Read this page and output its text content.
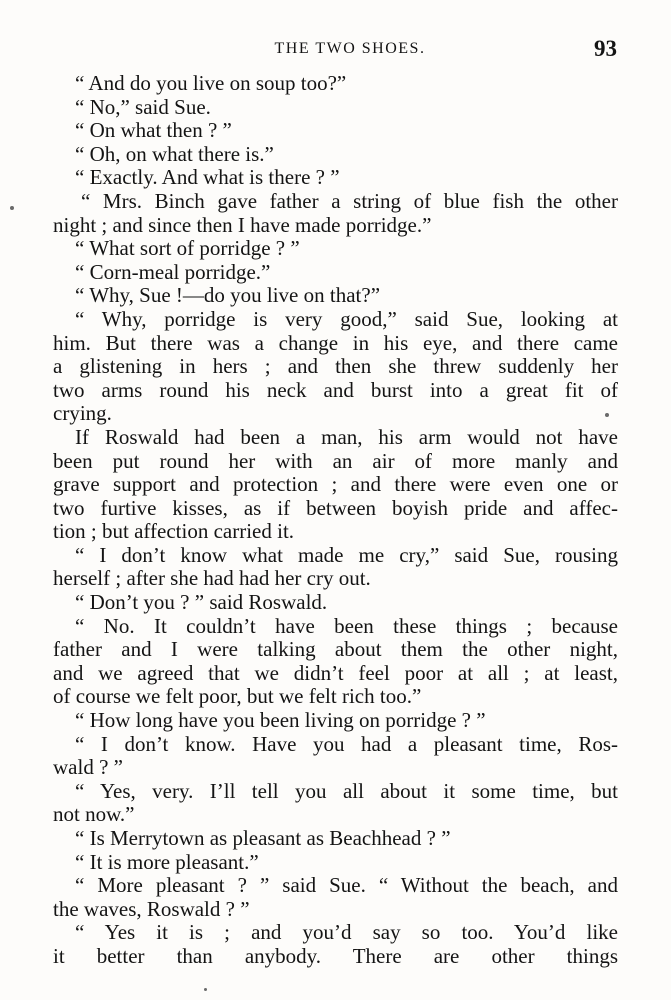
THE TWO SHOES.	93
“ And do you live on soup too?”
“ No,” said Sue.
“ On what then ? ”
“ Oh, on what there is.”
“ Exactly. And what is there ? ”
“ Mrs. Binch gave father a string of blue fish the other
night ; and since then I have made porridge.”
“ What sort of porridge ? ”
“ Corn-meal porridge.”
“ Why, Sue !—do you live on that?”
“ Why, porridge is very good,” said Sue, looking at
him. But there was a change in his eye, and there came
a glistening in hers ; and then she threw suddenly her
two arms round his neck and burst into a great fit of
crying.
If Roswald had been a man, his arm would not have
been put round her with an air of more manly and
grave support and protection ; and there were even one or
two furtive kisses, as if between boyish pride and affec-
tion ; but affection carried it.
“ I don’t know what made me cry,” said Sue, rousing
herself ; after she had had her cry out.
“ Don’t you ? ” said Roswald.
“ No. It couldn’t have been these things ; because
father and I were talking about them the other night,
and we agreed that we didn’t feel poor at all ; at least,
of course we felt poor, but we felt rich too.”
“ How long have you been living on porridge ? ”
“ I don’t know. Have you had a pleasant time, Ros-
wald ? ”
“ Yes, very. I’ll tell you all about it some time, but
not now.”
“ Is Merrytown as pleasant as Beachhead ? ”
“ It is more pleasant.”
“ More pleasant ? ” said Sue. “ Without the beach, and
the waves, Roswald ? ”
“ Yes it is ; and you’d say so too. You’d like
it better than anybody. There are other things
